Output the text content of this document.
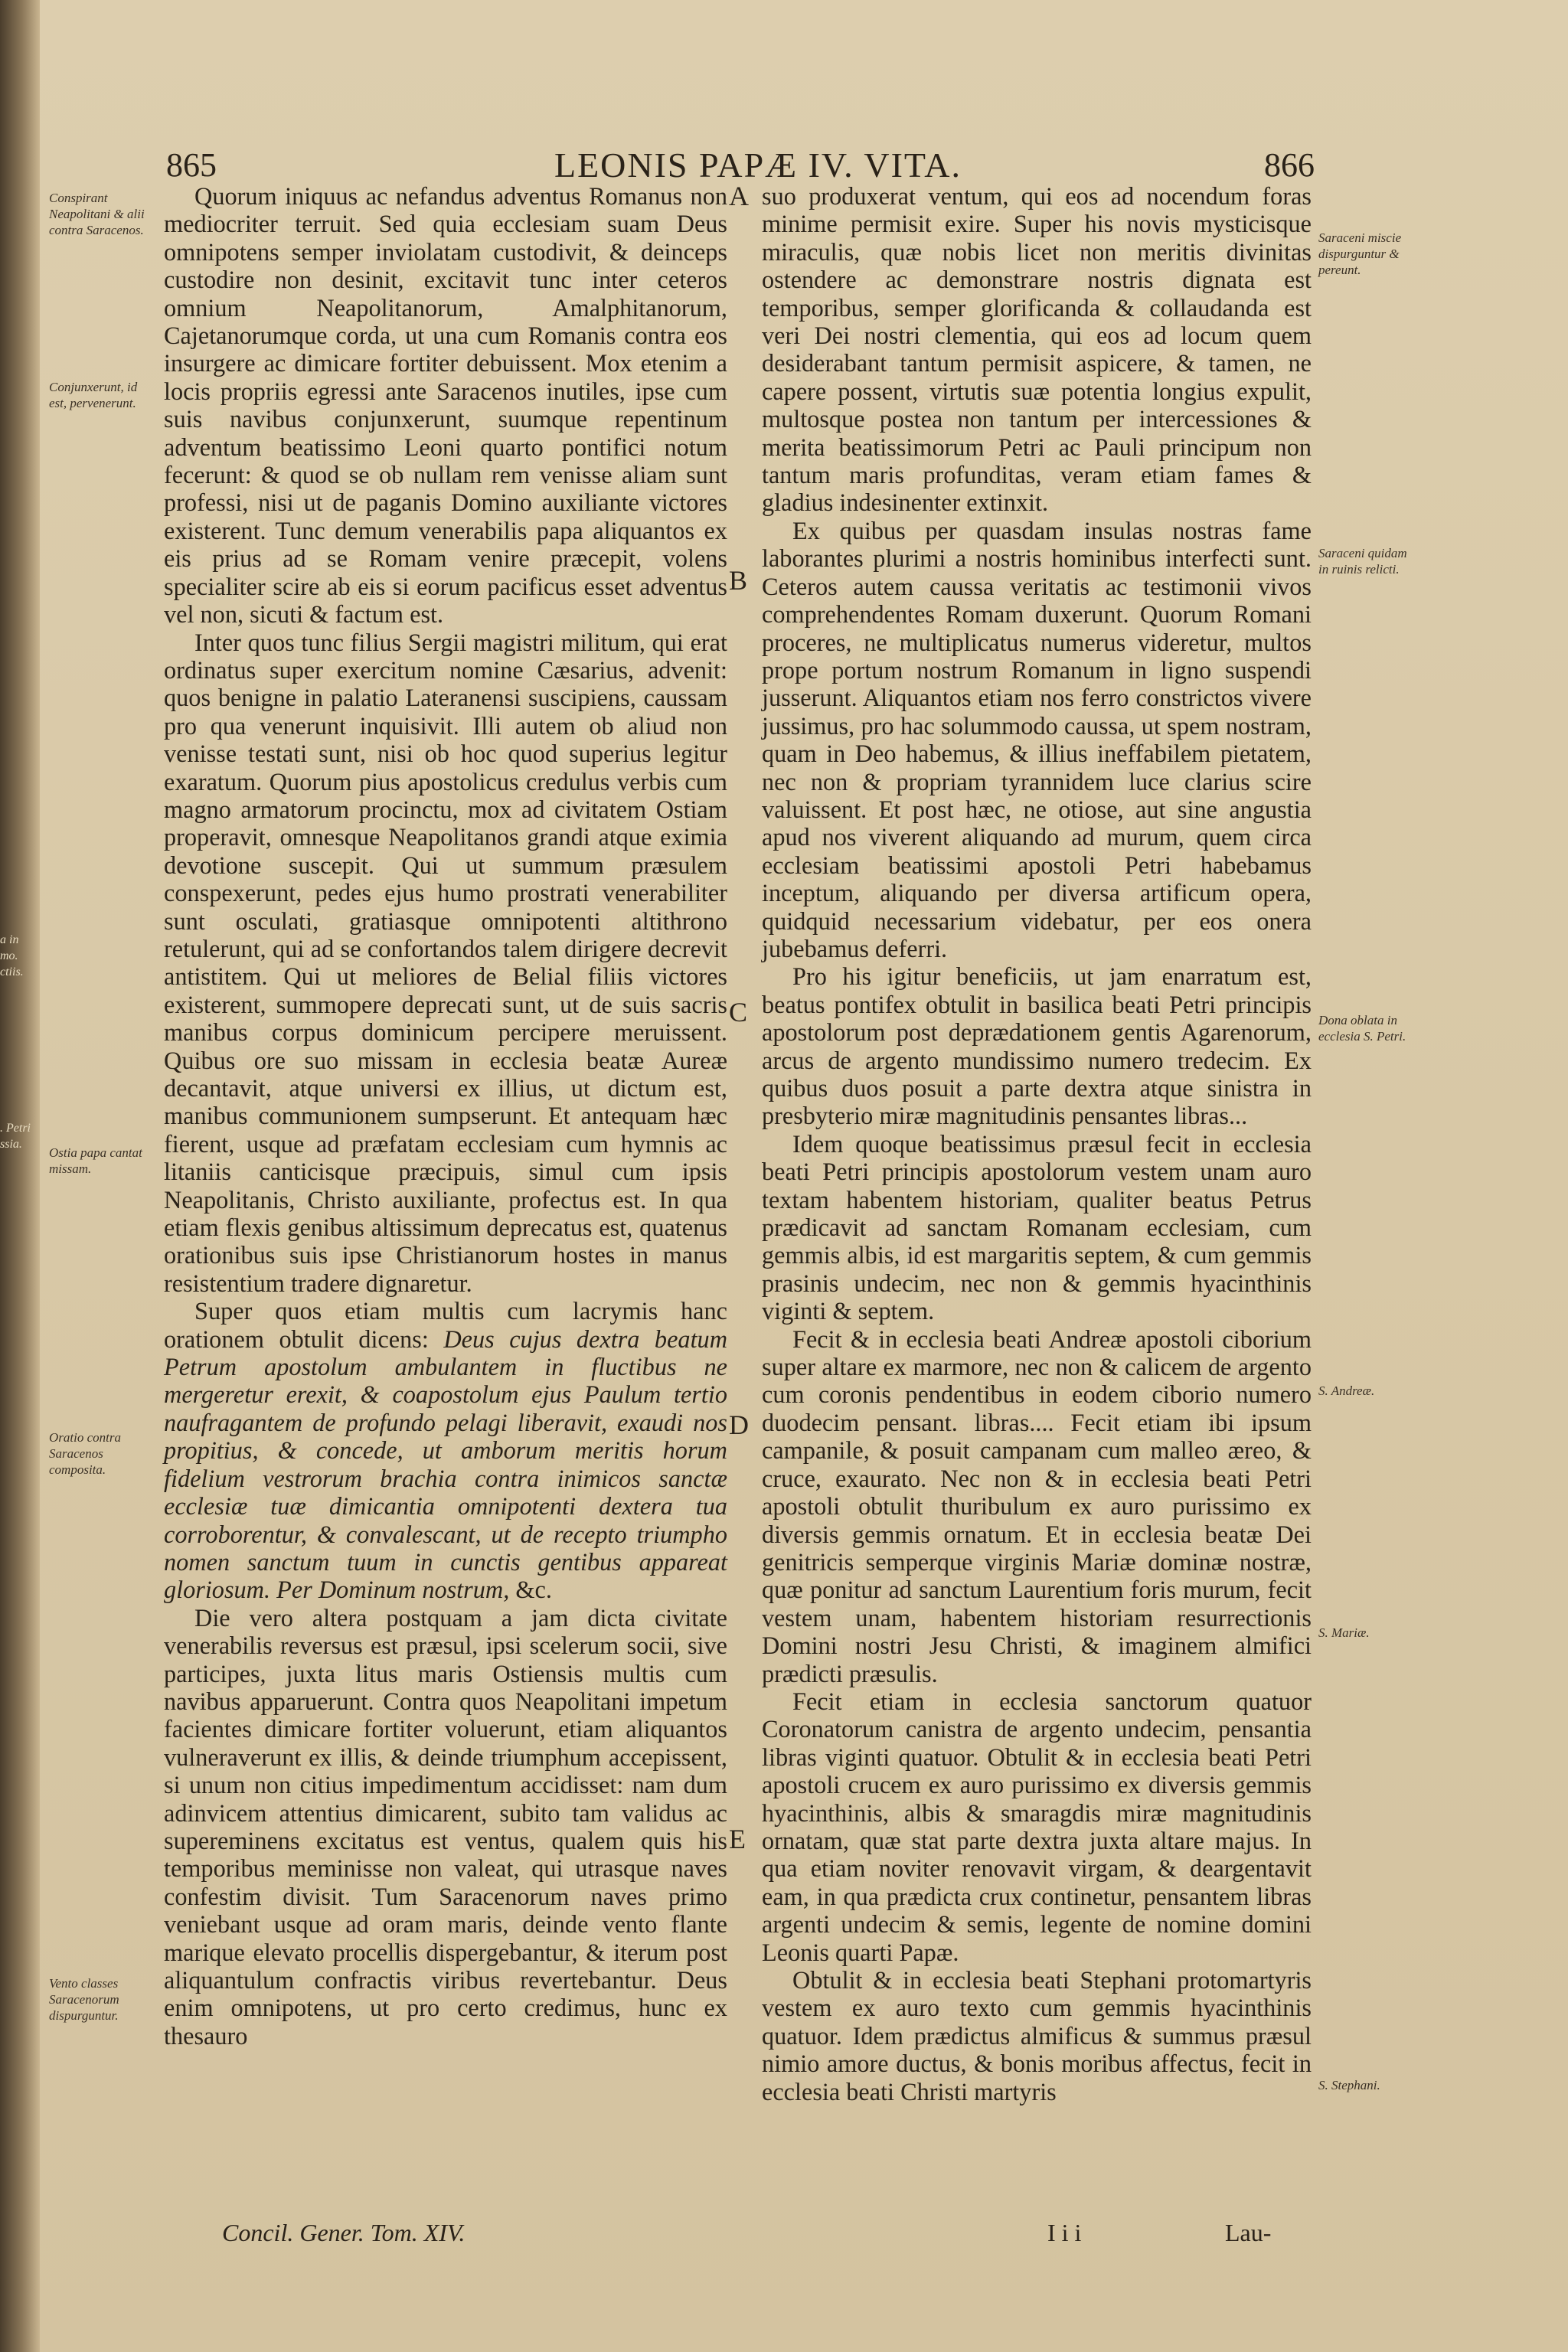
865	LEONIS PAPÆ IV. VITA.	866
Conspirant Neapolitani & alii contra Saracenos.
Conjunxerunt, id est, pervenerunt.
a in mo. ctiis.
. Petri ssia.
Ostia papa cantat missam.
Oratio contra Saracenos composita.
Vento classes Saracenorum dispurguntur.
Saraceni miscie dispurguntur & pereunt.
Saraceni quidam in ruinis relicti.
Dona oblata in ecclesia S. Petri.
S. Andreæ.
S. Mariæ.
S. Stephani.
A
B
C
D
E

Quorum iniquus ac nefandus adventus Romanus non mediocriter terruit. Sed quia ecclesiam suam Deus omnipotens semper inviolatam custodivit, & deinceps custodire non desinit, excitavit tunc inter ceteros omnium Neapolitanorum, Amalphitanorum, Cajetanorumque corda, ut una cum Romanis contra eos insurgere ac dimicare fortiter debuissent. Mox etenim a locis propriis egressi ante Saracenos inutiles, ipse cum suis navibus conjunxerunt, suumque repentinum adventum beatissimo Leoni quarto pontifici notum fecerunt: & quod se ob nullam rem venisse aliam sunt professi, nisi ut de paganis Domino auxiliante victores existerent. Tunc demum venerabilis papa aliquantos ex eis prius ad se Romam venire præcepit, volens specialiter scire ab eis si eorum pacificus esset adventus vel non, sicuti & factum est.

Inter quos tunc filius Sergii magistri militum, qui erat ordinatus super exercitum nomine Cæsarius, advenit: quos benigne in palatio Lateranensi suscipiens, caussam pro qua venerunt inquisivit. Illi autem ob aliud non venisse testati sunt, nisi ob hoc quod superius legitur exaratum. Quorum pius apostolicus credulus verbis cum magno armatorum procinctu, mox ad civitatem Ostiam properavit, omnesque Neapolitanos grandi atque eximia devotione suscepit. Qui ut summum præsulem conspexerunt, pedes ejus humo prostrati venerabiliter sunt osculati, gratiasque omnipotenti altithrono retulerunt, qui ad se confortandos talem dirigere decrevit antistitem. Qui ut meliores de Belial filiis victores existerent, summopere deprecati sunt, ut de suis sacris manibus corpus dominicum percipere meruissent. Quibus ore suo missam in ecclesia beatæ Aureæ decantavit, atque universi ex illius, ut dictum est, manibus communionem sumpserunt. Et antequam hæc fierent, usque ad præfatam ecclesiam cum hymnis ac litaniis canticisque præcipuis, simul cum ipsis Neapolitanis, Christo auxiliante, profectus est. In qua etiam flexis genibus altissimum deprecatus est, quatenus orationibus suis ipse Christianorum hostes in manus resistentium tradere dignaretur.

Super quos etiam multis cum lacrymis hanc orationem obtulit dicens: Deus cujus dextra beatum Petrum apostolum ambulantem in fluctibus ne mergeretur erexit, & coapostolum ejus Paulum tertio naufragantem de profundo pelagi liberavit, exaudi nos propitius, & concede, ut amborum meritis horum fidelium vestrorum brachia contra inimicos sanctæ ecclesiæ tuæ dimicantia omnipotenti dextera tua corroborentur, & convalescant, ut de recepto triumpho nomen sanctum tuum in cunctis gentibus appareat gloriosum. Per Dominum nostrum, &c.

Die vero altera postquam a jam dicta civitate venerabilis reversus est præsul, ipsi scelerum socii, sive participes, juxta litus maris Ostiensis multis cum navibus apparuerunt. Contra quos Neapolitani impetum facientes dimicare fortiter voluerunt, etiam aliquantos vulneraverunt ex illis, & deinde triumphum accepissent, si unum non citius impedimentum accidisset: nam dum adinvicem attentius dimicarent, subito tam validus ac supereminens excitatus est ventus, qualem quis his temporibus meminisse non valeat, qui utrasque naves confestim divisit. Tum Saracenorum naves primo veniebant usque ad oram maris, deinde vento flante marique elevato procellis dispergebantur, & iterum post aliquantulum confractis viribus revertebantur. Deus enim omnipotens, ut pro certo credimus, hunc ex thesauro

suo produxerat ventum, qui eos ad nocendum foras minime permisit exire. Super his novis mysticisque miraculis, quæ nobis licet non meritis divinitas ostendere ac demonstrare nostris dignata est temporibus, semper glorificanda & collaudanda est veri Dei nostri clementia, qui eos ad locum quem desiderabant tantum permisit aspicere, & tamen, ne capere possent, virtutis suæ potentia longius expulit, multosque postea non tantum per intercessiones & merita beatissimorum Petri ac Pauli principum non tantum maris profunditas, veram etiam fames & gladius indesinenter extinxit.

Ex quibus per quasdam insulas nostras fame laborantes plurimi a nostris hominibus interfecti sunt. Ceteros autem caussa veritatis ac testimonii vivos comprehendentes Romam duxerunt. Quorum Romani proceres, ne multiplicatus numerus videretur, multos prope portum nostrum Romanum in ligno suspendi jusserunt. Aliquantos etiam nos ferro constrictos vivere jussimus, pro hac solummodo caussa, ut spem nostram, quam in Deo habemus, & illius ineffabilem pietatem, nec non & propriam tyrannidem luce clarius scire valuissent. Et post hæc, ne otiose, aut sine angustia apud nos viverent aliquando ad murum, quem circa ecclesiam beatissimi apostoli Petri habebamus inceptum, aliquando per diversa artificum opera, quidquid necessarium videbatur, per eos onera jubebamus deferri.

Pro his igitur beneficiis, ut jam enarratum est, beatus pontifex obtulit in basilica beati Petri principis apostolorum post deprædationem gentis Agarenorum, arcus de argento mundissimo numero tredecim. Ex quibus duos posuit a parte dextra atque sinistra in presbyterio miræ magnitudinis pensantes libras...

Idem quoque beatissimus præsul fecit in ecclesia beati Petri principis apostolorum vestem unam auro textam habentem historiam, qualiter beatus Petrus prædicavit ad sanctam Romanam ecclesiam, cum gemmis albis, id est margaritis septem, & cum gemmis prasinis undecim, nec non & gemmis hyacinthinis viginti & septem.

Fecit & in ecclesia beati Andreæ apostoli ciborium super altare ex marmore, nec non & calicem de argento cum coronis pendentibus in eodem ciborio numero duodecim pensant. libras.... Fecit etiam ibi ipsum campanile, & posuit campanam cum malleo æreo, & cruce, exaurato. Nec non & in ecclesia beati Petri apostoli obtulit thuribulum ex auro purissimo ex diversis gemmis ornatum. Et in ecclesia beatæ Dei genitricis semperque virginis Mariæ dominæ nostræ, quæ ponitur ad sanctum Laurentium foris murum, fecit vestem unam, habentem historiam resurrectionis Domini nostri Jesu Christi, & imaginem almifici prædicti præsulis.

Fecit etiam in ecclesia sanctorum quatuor Coronatorum canistra de argento undecim, pensantia libras viginti quatuor. Obtulit & in ecclesia beati Petri apostoli crucem ex auro purissimo ex diversis gemmis hyacinthinis, albis & smaragdis miræ magnitudinis ornatam, quæ stat parte dextra juxta altare majus. In qua etiam noviter renovavit virgam, & deargentavit eam, in qua prædicta crux continetur, pensantem libras argenti undecim & semis, legente de nomine domini Leonis quarti Papæ.

Obtulit & in ecclesia beati Stephani protomartyris vestem ex auro texto cum gemmis hyacinthinis quatuor. Idem prædictus almificus & summus præsul nimio amore ductus, & bonis moribus affectus, fecit in ecclesia beati Christi martyris

Concil. Gener. Tom. XIV.	I i i	Lau-
